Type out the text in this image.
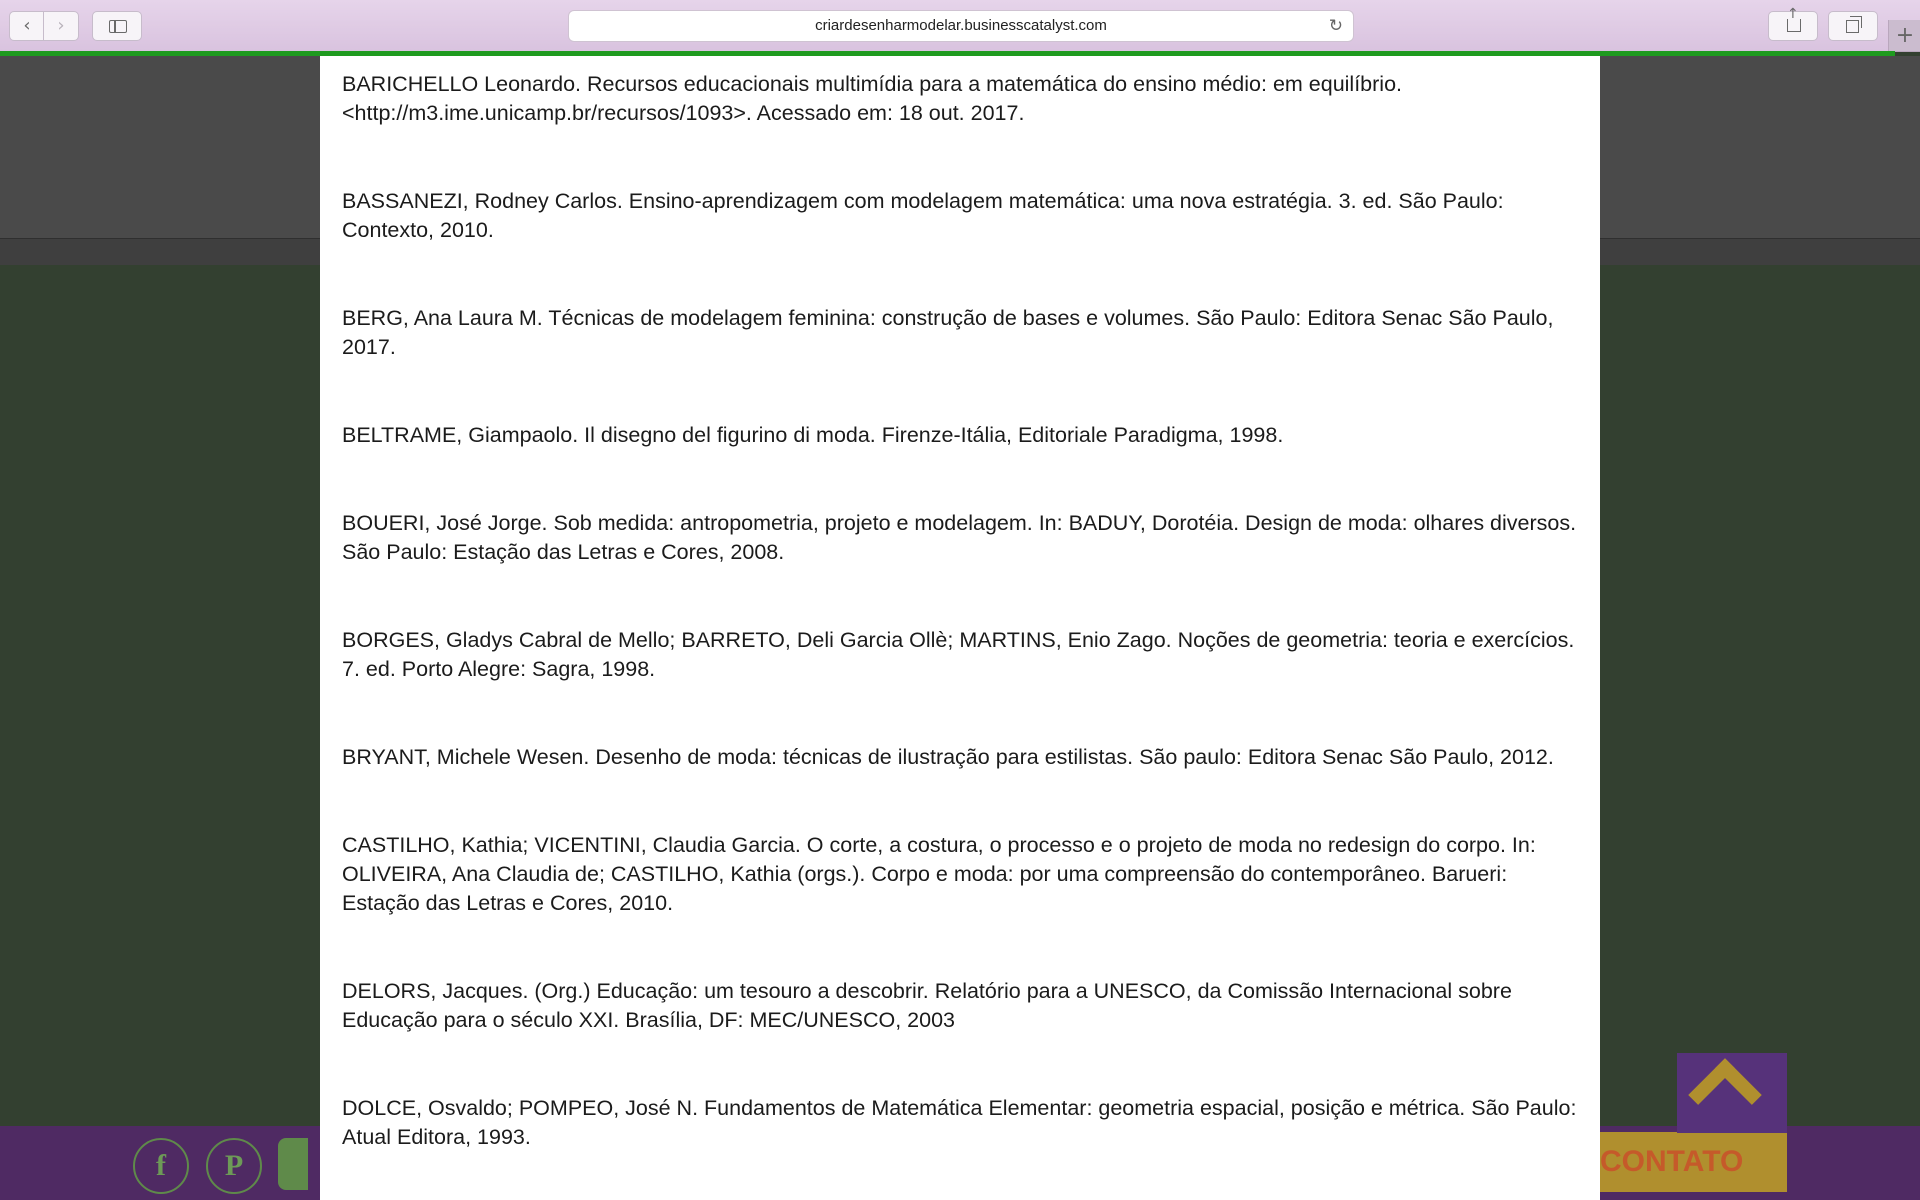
‹	›	criardesenharmodelar.businesscatalyst.com	↻
↑	+
f	P	CONTATO

BARICHELLO Leonardo. Recursos educacionais multimídia para a matemática do ensino médio: em equilíbrio. <http://m3.ime.unicamp.br/recursos/1093>. Acessado em: 18 out. 2017.

BASSANEZI, Rodney Carlos. Ensino-aprendizagem com modelagem matemática: uma nova estratégia. 3. ed. São Paulo: Contexto, 2010.

BERG, Ana Laura M. Técnicas de modelagem feminina: construção de bases e volumes. São Paulo: Editora Senac São Paulo, 2017.

BELTRAME, Giampaolo. Il disegno del figurino di moda. Firenze-Itália, Editoriale Paradigma, 1998.

BOUERI, José Jorge. Sob medida: antropometria, projeto e modelagem. In: BADUY, Dorotéia. Design de moda: olhares diversos. São Paulo: Estação das Letras e Cores, 2008.

BORGES, Gladys Cabral de Mello; BARRETO, Deli Garcia Ollè; MARTINS, Enio Zago. Noções de geometria: teoria e exercícios. 7. ed. Porto Alegre: Sagra, 1998.

BRYANT, Michele Wesen. Desenho de moda: técnicas de ilustração para estilistas. São paulo: Editora Senac São Paulo, 2012.

CASTILHO, Kathia; VICENTINI, Claudia Garcia. O corte, a costura, o processo e o projeto de moda no redesign do corpo. In: OLIVEIRA, Ana Claudia de; CASTILHO, Kathia (orgs.). Corpo e moda: por uma compreensão do contemporâneo. Barueri: Estação das Letras e Cores, 2010.

DELORS, Jacques. (Org.) Educação: um tesouro a descobrir. Relatório para a UNESCO, da Comissão Internacional sobre Educação para o século XXI. Brasília, DF: MEC/UNESCO, 2003

DOLCE, Osvaldo; POMPEO, José N. Fundamentos de Matemática Elementar: geometria espacial, posição e métrica. São Paulo: Atual Editora, 1993.
